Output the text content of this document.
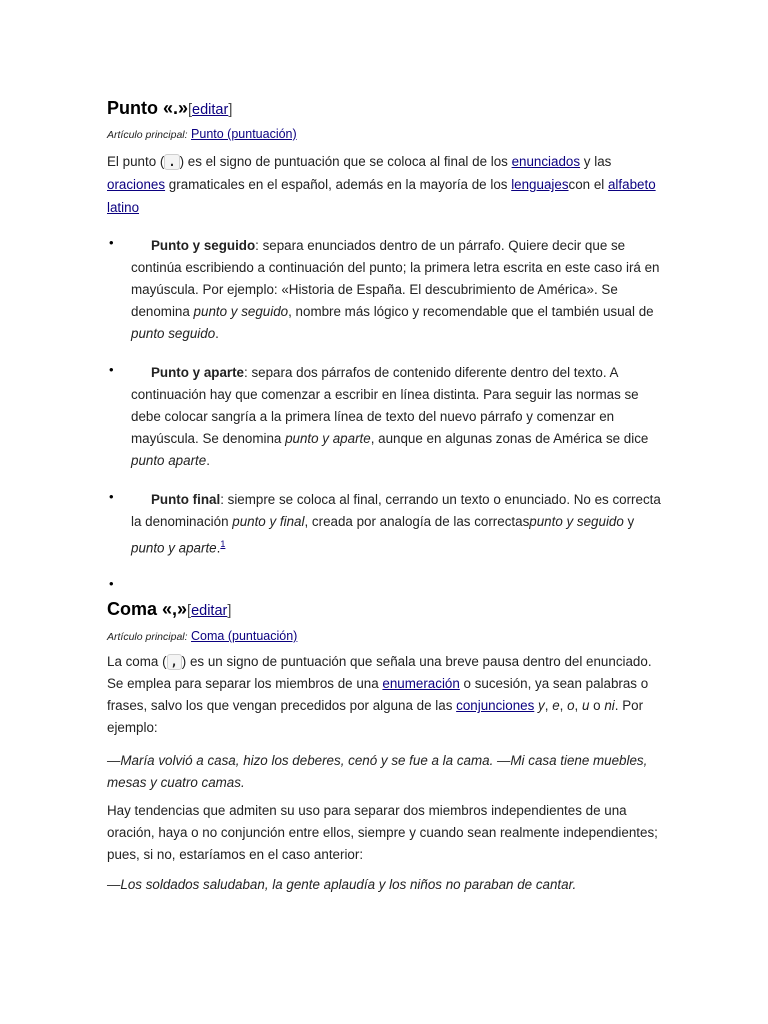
Punto «.»[editar]
Artículo principal: Punto (puntuación)
El punto ( . ) es el signo de puntuación que se coloca al final de los enunciados y las oraciones gramaticales en el español, además en la mayoría de los lenguajescon el alfabeto latino
•	Punto y seguido: separa enunciados dentro de un párrafo. Quiere decir que se continúa escribiendo a continuación del punto; la primera letra escrita en este caso irá en mayúscula. Por ejemplo: «Historia de España. El descubrimiento de América». Se denomina punto y seguido, nombre más lógico y recomendable que el también usual de punto seguido.
•	Punto y aparte: separa dos párrafos de contenido diferente dentro del texto. A continuación hay que comenzar a escribir en línea distinta. Para seguir las normas se debe colocar sangría a la primera línea de texto del nuevo párrafo y comenzar en mayúscula. Se denomina punto y aparte, aunque en algunas zonas de América se dice punto aparte.
•	Punto final: siempre se coloca al final, cerrando un texto o enunciado. No es correcta la denominación punto y final, creada por analogía de las correctaspunto y seguido y punto y aparte.$^1$
•
Coma «,»[editar]
Artículo principal: Coma (puntuación)
La coma ( , ) es un signo de puntuación que señala una breve pausa dentro del enunciado. Se emplea para separar los miembros de una enumeración o sucesión, ya sean palabras o frases, salvo los que vengan precedidos por alguna de las conjunciones y, e, o, u o ni. Por ejemplo:
—María volvió a casa, hizo los deberes, cenó y se fue a la cama. —Mi casa tiene muebles, mesas y cuatro camas.
Hay tendencias que admiten su uso para separar dos miembros independientes de una oración, haya o no conjunción entre ellos, siempre y cuando sean realmente independientes; pues, si no, estaríamos en el caso anterior:
—Los soldados saludaban, la gente aplaudía y los niños no paraban de cantar.
